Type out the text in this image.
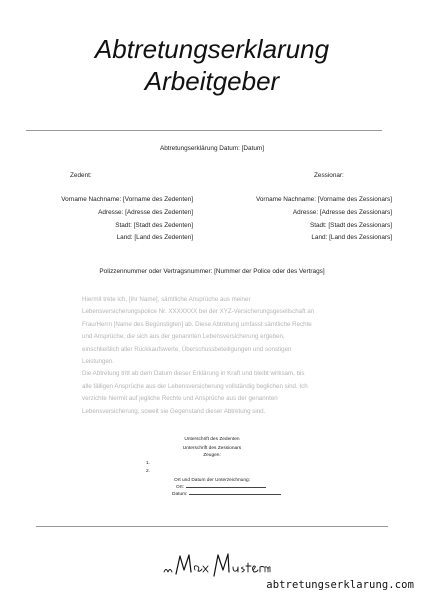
Abtretungserklarung
Arbeitgeber
Abtretungserklärung Datum: [Datum]
Zedent:
Vorname Nachname: [Vorname des Zedenten]
Adresse: [Adresse des Zedenten]
Stadt: [Stadt des Zedenten]
Land: [Land des Zedenten]
Zessionar:
Vorname Nachname: [Vorname des Zessionars]
Adresse: [Adresse des Zessionars]
Stadt: [Stadt des Zessionars]
Land: [Land des Zessionars]
Polizzennummer oder Vertragsnummer: [Nummer der Police oder des Vertrags]

Hiermit trete ich, [Ihr Name], sämtliche Ansprüche aus meiner

Lebensversicherungspolice Nr. XXXXXXX bei der XYZ-Versicherungsgesellschaft an

Frau/Herrn [Name des Begünstigten] ab. Diese Abtretung umfasst sämtliche Rechte

und Ansprüche, die sich aus der genannten Lebensversicherung ergeben,

einschließlich aller Rückkaufswerte, Überschussbeteiligungen und sonstigen

Leistungen.

Die Abtretung tritt ab dem Datum dieser Erklärung in Kraft und bleibt wirksam, bis

alle fälligen Ansprüche aus der Lebensversicherung vollständig beglichen sind. Ich

verzichte hiermit auf jegliche Rechte und Ansprüche aus der genannten

Lebensversicherung, soweit sie Gegenstand dieser Abtretung sind.

Unterschrift des Zedenten
Unterschrift des Zessionars
Zeugen:
1.
2.
Ort und Datum der Unterzeichnung:
Ort:
Datum:
abtretungserklarung.com
